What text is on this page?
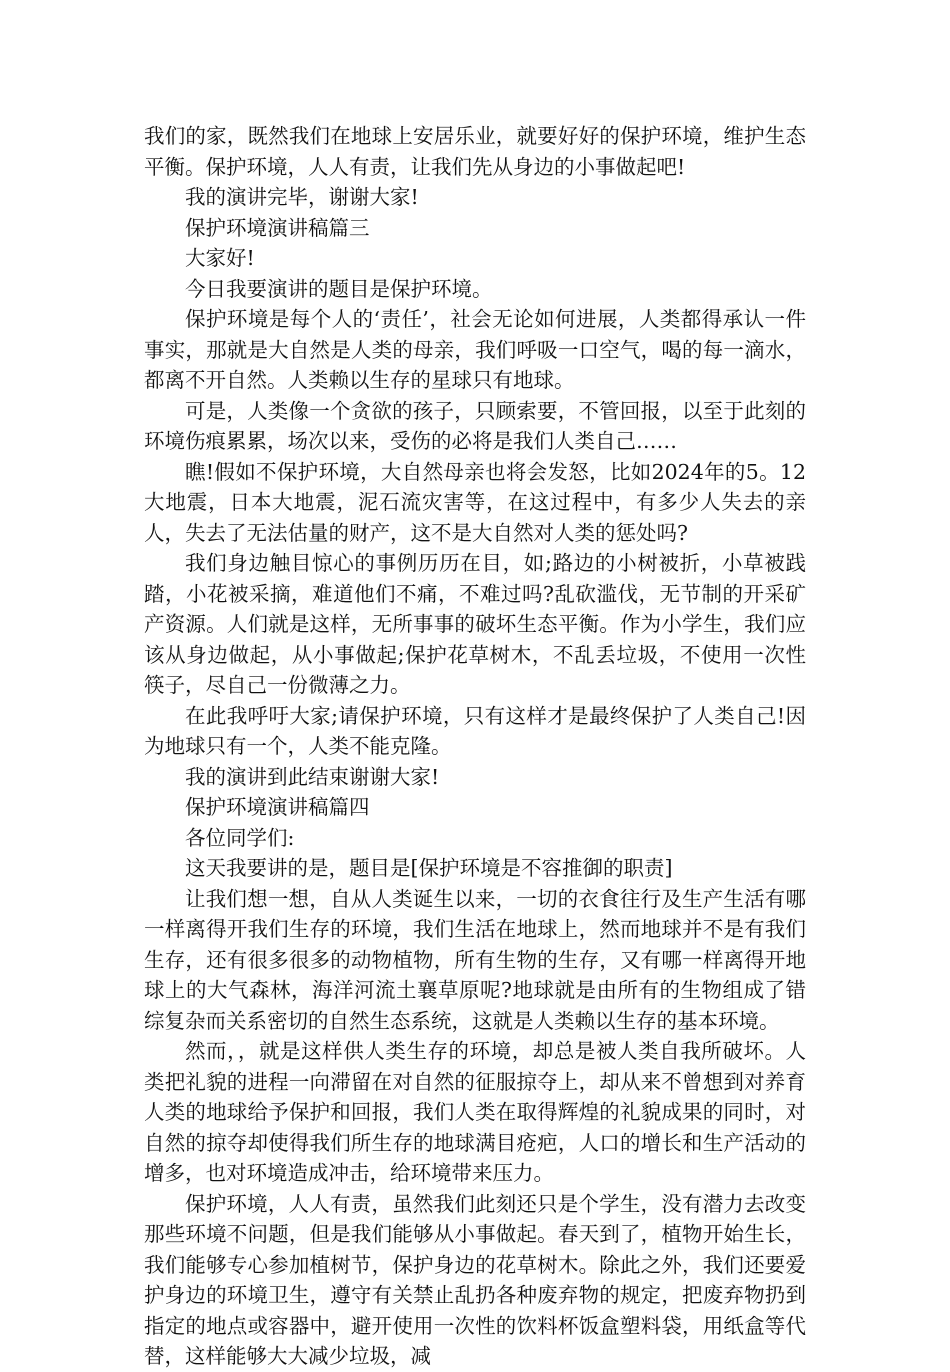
我们的家，既然我们在地球上安居乐业，就要好好的保护环境，维护生态平衡。保护环境，人人有责，让我们先从身边的小事做起吧!

我的演讲完毕，谢谢大家!

保护环境演讲稿篇三

大家好!

今日我要演讲的题目是保护环境。

保护环境是每个人的‘责任’，社会无论如何进展，人类都得承认一件事实，那就是大自然是人类的母亲，我们呼吸一口空气，喝的每一滴水，都离不开自然。人类赖以生存的星球只有地球。

可是，人类像一个贪欲的孩子，只顾索要，不管回报，以至于此刻的环境伤痕累累，场次以来，受伤的必将是我们人类自己……

瞧!假如不保护环境，大自然母亲也将会发怒，比如2024年的5。12大地震，日本大地震，泥石流灾害等，在这过程中，有多少人失去的亲人，失去了无法估量的财产，这不是大自然对人类的惩处吗?

我们身边触目惊心的事例历历在目，如;路边的小树被折，小草被践踏，小花被采摘，难道他们不痛，不难过吗?乱砍滥伐，无节制的开采矿产资源。人们就是这样，无所事事的破坏生态平衡。作为小学生，我们应该从身边做起，从小事做起;保护花草树木，不乱丢垃圾，不使用一次性筷子，尽自己一份微薄之力。

在此我呼吁大家;请保护环境，只有这样才是最终保护了人类自己!因为地球只有一个，人类不能克隆。

我的演讲到此结束谢谢大家!

保护环境演讲稿篇四

各位同学们:

这天我要讲的是，题目是[保护环境是不容推御的职责]

让我们想一想，自从人类诞生以来，一切的衣食往行及生产生活有哪一样离得开我们生存的环境，我们生活在地球上，然而地球并不是有我们生存，还有很多很多的动物植物，所有生物的生存，又有哪一样离得开地球上的大气森林，海洋河流土襄草原呢?地球就是由所有的生物组成了错综复杂而关系密切的自然生态系统，这就是人类赖以生存的基本环境。

然而，，就是这样供人类生存的环境，却总是被人类自我所破坏。人类把礼貌的进程一向滞留在对自然的征服掠夺上，却从来不曾想到对养育人类的地球给予保护和回报，我们人类在取得辉煌的礼貌成果的同时，对自然的掠夺却使得我们所生存的地球满目疮疤，人口的增长和生产活动的增多，也对环境造成冲击，给环境带来压力。

保护环境，人人有责，虽然我们此刻还只是个学生，没有潜力去改变那些环境不问题，但是我们能够从小事做起。春天到了，植物开始生长，我们能够专心参加植树节，保护身边的花草树木。除此之外，我们还要爱护身边的环境卫生，遵守有关禁止乱扔各种废弃物的规定，把废弃物扔到指定的地点或容器中，避开使用一次性的饮料杯饭盒塑料袋，用纸盒等代替，这样能够大大减少垃圾，减
